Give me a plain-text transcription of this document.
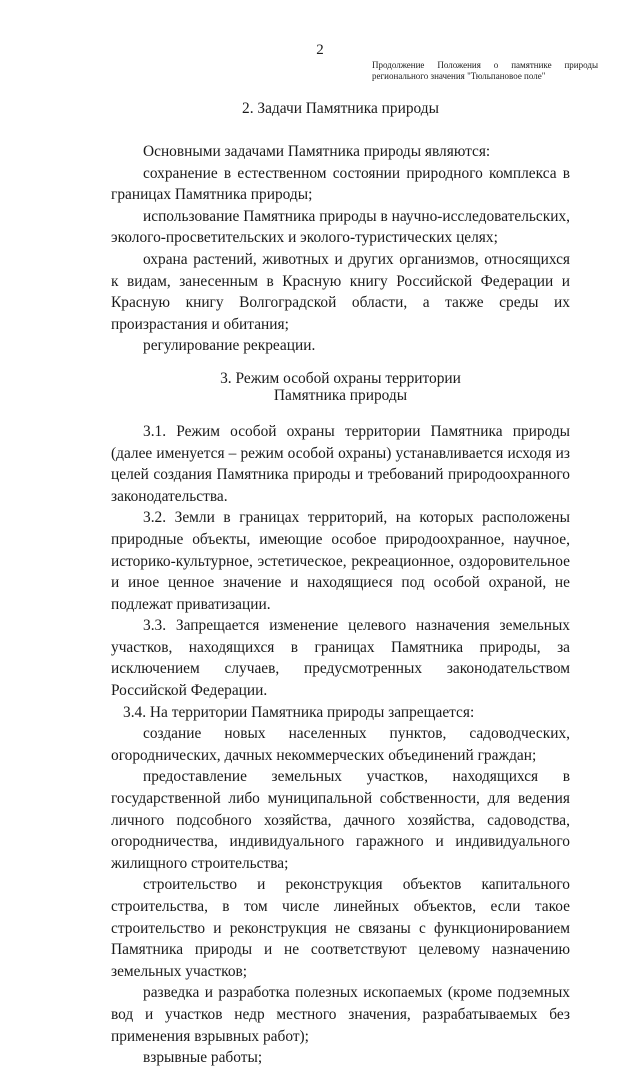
2
Продолжение Положения о памятнике природы регионального значения "Тюльпановое поле"
2. Задачи Памятника природы

Основными задачами Памятника природы являются:

сохранение в естественном состоянии природного комплекса в границах Памятника природы;

использование Памятника природы в научно-исследовательских, эколого-просветительских и эколого-туристических целях;

охрана растений, животных и других организмов, относящихся к видам, занесенным в Красную книгу Российской Федерации и Красную книгу Волгоградской области, а также среды их произрастания и обитания;

регулирование рекреации.

3. Режим особой охраны территории
Памятника природы

3.1. Режим особой охраны территории Памятника природы (далее именуется – режим особой охраны) устанавливается исходя из целей создания Памятника природы и требований природоохранного законодательства.

3.2. Земли в границах территорий, на которых расположены природные объекты, имеющие особое природоохранное, научное, историко-культурное, эстетическое, рекреационное, оздоровительное и иное ценное значение и находящиеся под особой охраной, не подлежат приватизации.

3.3. Запрещается изменение целевого назначения земельных участков, находящихся в границах Памятника природы, за исключением случаев, предусмотренных законодательством Российской Федерации.

3.4. На территории Памятника природы запрещается:

создание новых населенных пунктов, садоводческих, огороднических, дачных некоммерческих объединений граждан;

предоставление земельных участков, находящихся в государственной либо муниципальной собственности, для ведения личного подсобного хозяйства, дачного хозяйства, садоводства, огородничества, индивидуального гаражного и индивидуального жилищного строительства;

строительство и реконструкция объектов капитального строительства, в том числе линейных объектов, если такое строительство и реконструкция не связаны с функционированием Памятника природы и не соответствуют целевому назначению земельных участков;

разведка и разработка полезных ископаемых (кроме подземных вод и участков недр местного значения, разрабатываемых без применения взрывных работ);

взрывные работы;
